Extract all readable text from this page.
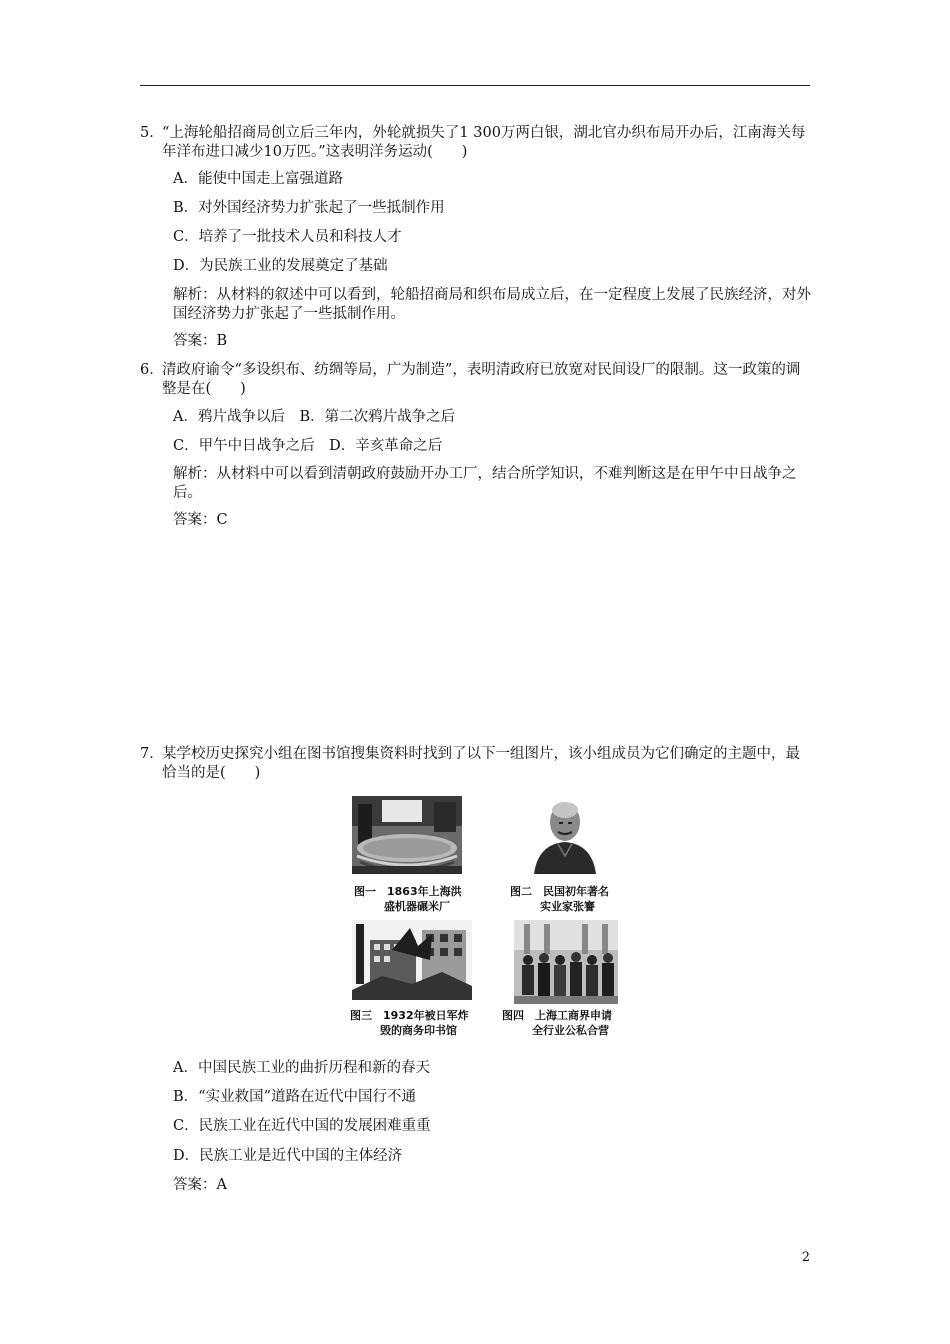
5．
“上海轮船招商局创立后三年内，外轮就损失了1 300万两白银，湖北官办织布局开办后，江南海关每年洋布进口减少10万匹。”这表明洋务运动(　　)
A．能使中国走上富强道路
B．对外国经济势力扩张起了一些抵制作用
C．培养了一批技术人员和科技人才
D．为民族工业的发展奠定了基础
解析：从材料的叙述中可以看到，轮船招商局和织布局成立后，在一定程度上发展了民族经济，对外国经济势力扩张起了一些抵制作用。
答案：B
6．
清政府谕令“多设织布、纺绸等局，广为制造”，表明清政府已放宽对民间设厂的限制。这一政策的调整是在(　　)
A．鸦片战争以后　B．第二次鸦片战争之后
C．甲午中日战争之后　D．辛亥革命之后
解析：从材料中可以看到清朝政府鼓励开办工厂，结合所学知识，不难判断这是在甲午中日战争之后。
答案：C
7．
某学校历史探究小组在图书馆搜集资料时找到了以下一组图片，该小组成员为它们确定的主题中，最恰当的是(　　)
图一　1863年上海洪
盛机器碾米厂
图二　民国初年著名
实业家张謇
图三　1932年被日军炸
毁的商务印书馆
图四　上海工商界申请
全行业公私合营
A．中国民族工业的曲折历程和新的春天
B．“实业救国”道路在近代中国行不通
C．民族工业在近代中国的发展困难重重
D．民族工业是近代中国的主体经济
答案：A
2
